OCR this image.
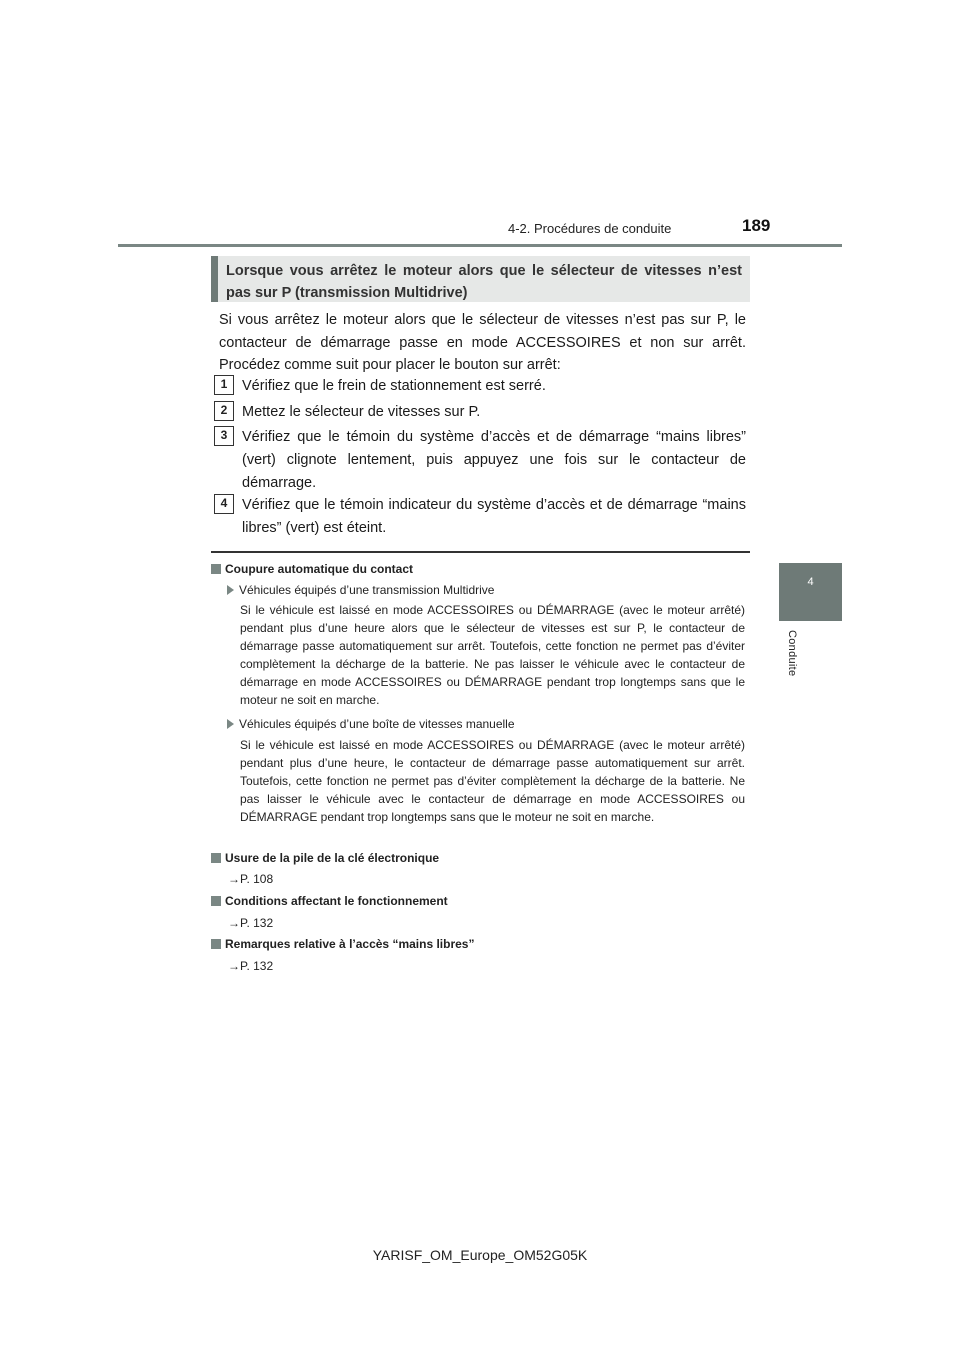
4-2. Procédures de conduite	189
4
Conduite
Lorsque vous arrêtez le moteur alors que le sélecteur de vitesses n’est pas sur P (transmission Multidrive)
Si vous arrêtez le moteur alors que le sélecteur de vitesses n’est pas sur P, le contacteur de démarrage passe en mode ACCESSOIRES et non sur arrêt. Procédez comme suit pour placer le bouton sur arrêt:
1	Vérifiez que le frein de stationnement est serré.
2	Mettez le sélecteur de vitesses sur P.
3	Vérifiez que le témoin du système d’accès et de démarrage “mains libres” (vert) clignote lentement, puis appuyez une fois sur le contacteur de démarrage.
4	Vérifiez que le témoin indicateur du système d’accès et de démarrage “mains libres” (vert) est éteint.
Coupure automatique du contact
Véhicules équipés d’une transmission Multidrive
Si le véhicule est laissé en mode ACCESSOIRES ou DÉMARRAGE (avec le moteur arrêté) pendant plus d’une heure alors que le sélecteur de vitesses est sur P, le contacteur de démarrage passe automatiquement sur arrêt. Toutefois, cette fonction ne permet pas d’éviter complètement la décharge de la batterie. Ne pas laisser le véhicule avec le contacteur de démarrage en mode ACCESSOIRES ou DÉMARRAGE pendant trop longtemps sans que le moteur ne soit en marche.
Véhicules équipés d’une boîte de vitesses manuelle
Si le véhicule est laissé en mode ACCESSOIRES ou DÉMARRAGE (avec le moteur arrêté) pendant plus d’une heure, le contacteur de démarrage passe automatiquement sur arrêt. Toutefois, cette fonction ne permet pas d’éviter complètement la décharge de la batterie. Ne pas laisser le véhicule avec le contacteur de démarrage en mode ACCESSOIRES ou DÉMARRAGE pendant trop longtemps sans que le moteur ne soit en marche.
Usure de la pile de la clé électronique
→P. 108
Conditions affectant le fonctionnement
→P. 132
Remarques relative à l’accès “mains libres”
→P. 132
YARISF_OM_Europe_OM52G05K
